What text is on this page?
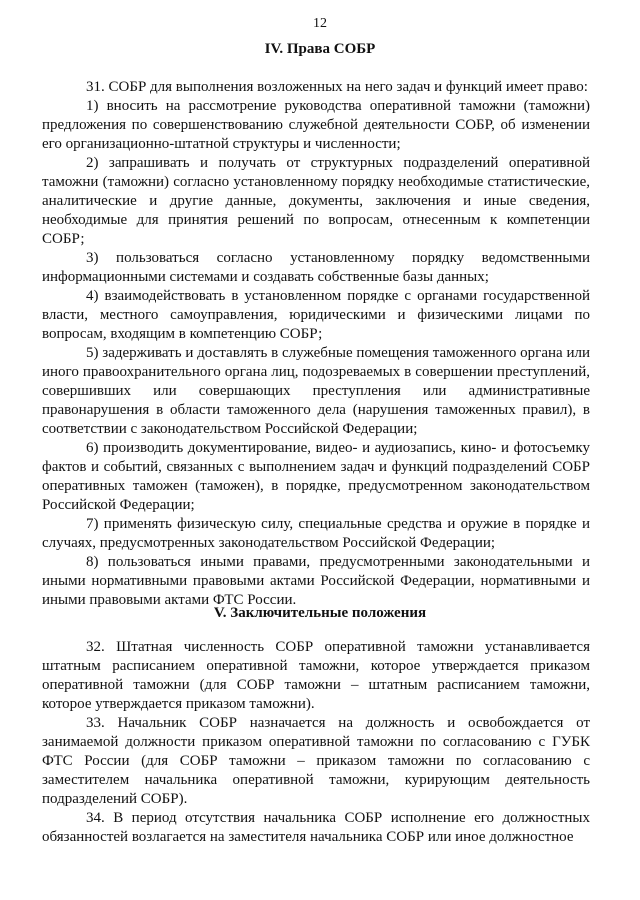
12
IV. Права СОБР

31. СОБР для выполнения возложенных на него задач и функций имеет право:

1) вносить на рассмотрение руководства оперативной таможни (таможни) предложения по совершенствованию служебной деятельности СОБР, об изменении его организационно-штатной структуры и численности;

2) запрашивать и получать от структурных подразделений оперативной таможни (таможни) согласно установленному порядку необходимые статистические, аналитические и другие данные, документы, заключения и иные сведения, необходимые для принятия решений по вопросам, отнесенным к компетенции СОБР;

3) пользоваться согласно установленному порядку ведомственными информационными системами и создавать собственные базы данных;

4) взаимодействовать в установленном порядке с органами государственной власти, местного самоуправления, юридическими и физическими лицами по вопросам, входящим в компетенцию СОБР;

5) задерживать и доставлять в служебные помещения таможенного органа или иного правоохранительного органа лиц, подозреваемых в совершении преступлений, совершивших или совершающих преступления или административные правонарушения в области таможенного дела (нарушения таможенных правил), в соответствии с законодательством Российской Федерации;

6) производить документирование, видео- и аудиозапись, кино- и фотосъемку фактов и событий, связанных с выполнением задач и функций подразделений СОБР оперативных таможен (таможен), в порядке, предусмотренном законодательством Российской Федерации;

7) применять физическую силу, специальные средства и оружие в порядке и случаях, предусмотренных законодательством Российской Федерации;

8) пользоваться иными правами, предусмотренными законодательными и иными нормативными правовыми актами Российской Федерации, нормативными и иными правовыми актами ФТС России.

V. Заключительные положения

32. Штатная численность СОБР оперативной таможни устанавливается штатным расписанием оперативной таможни, которое утверждается приказом оперативной таможни (для СОБР таможни – штатным расписанием таможни, которое утверждается приказом таможни).

33. Начальник СОБР назначается на должность и освобождается от занимаемой должности приказом оперативной таможни по согласованию с ГУБК ФТС России (для СОБР таможни – приказом таможни по согласованию с заместителем начальника оперативной таможни, курирующим деятельность подразделений СОБР).

34. В период отсутствия начальника СОБР исполнение его должностных обязанностей возлагается на заместителя начальника СОБР или иное должностное
